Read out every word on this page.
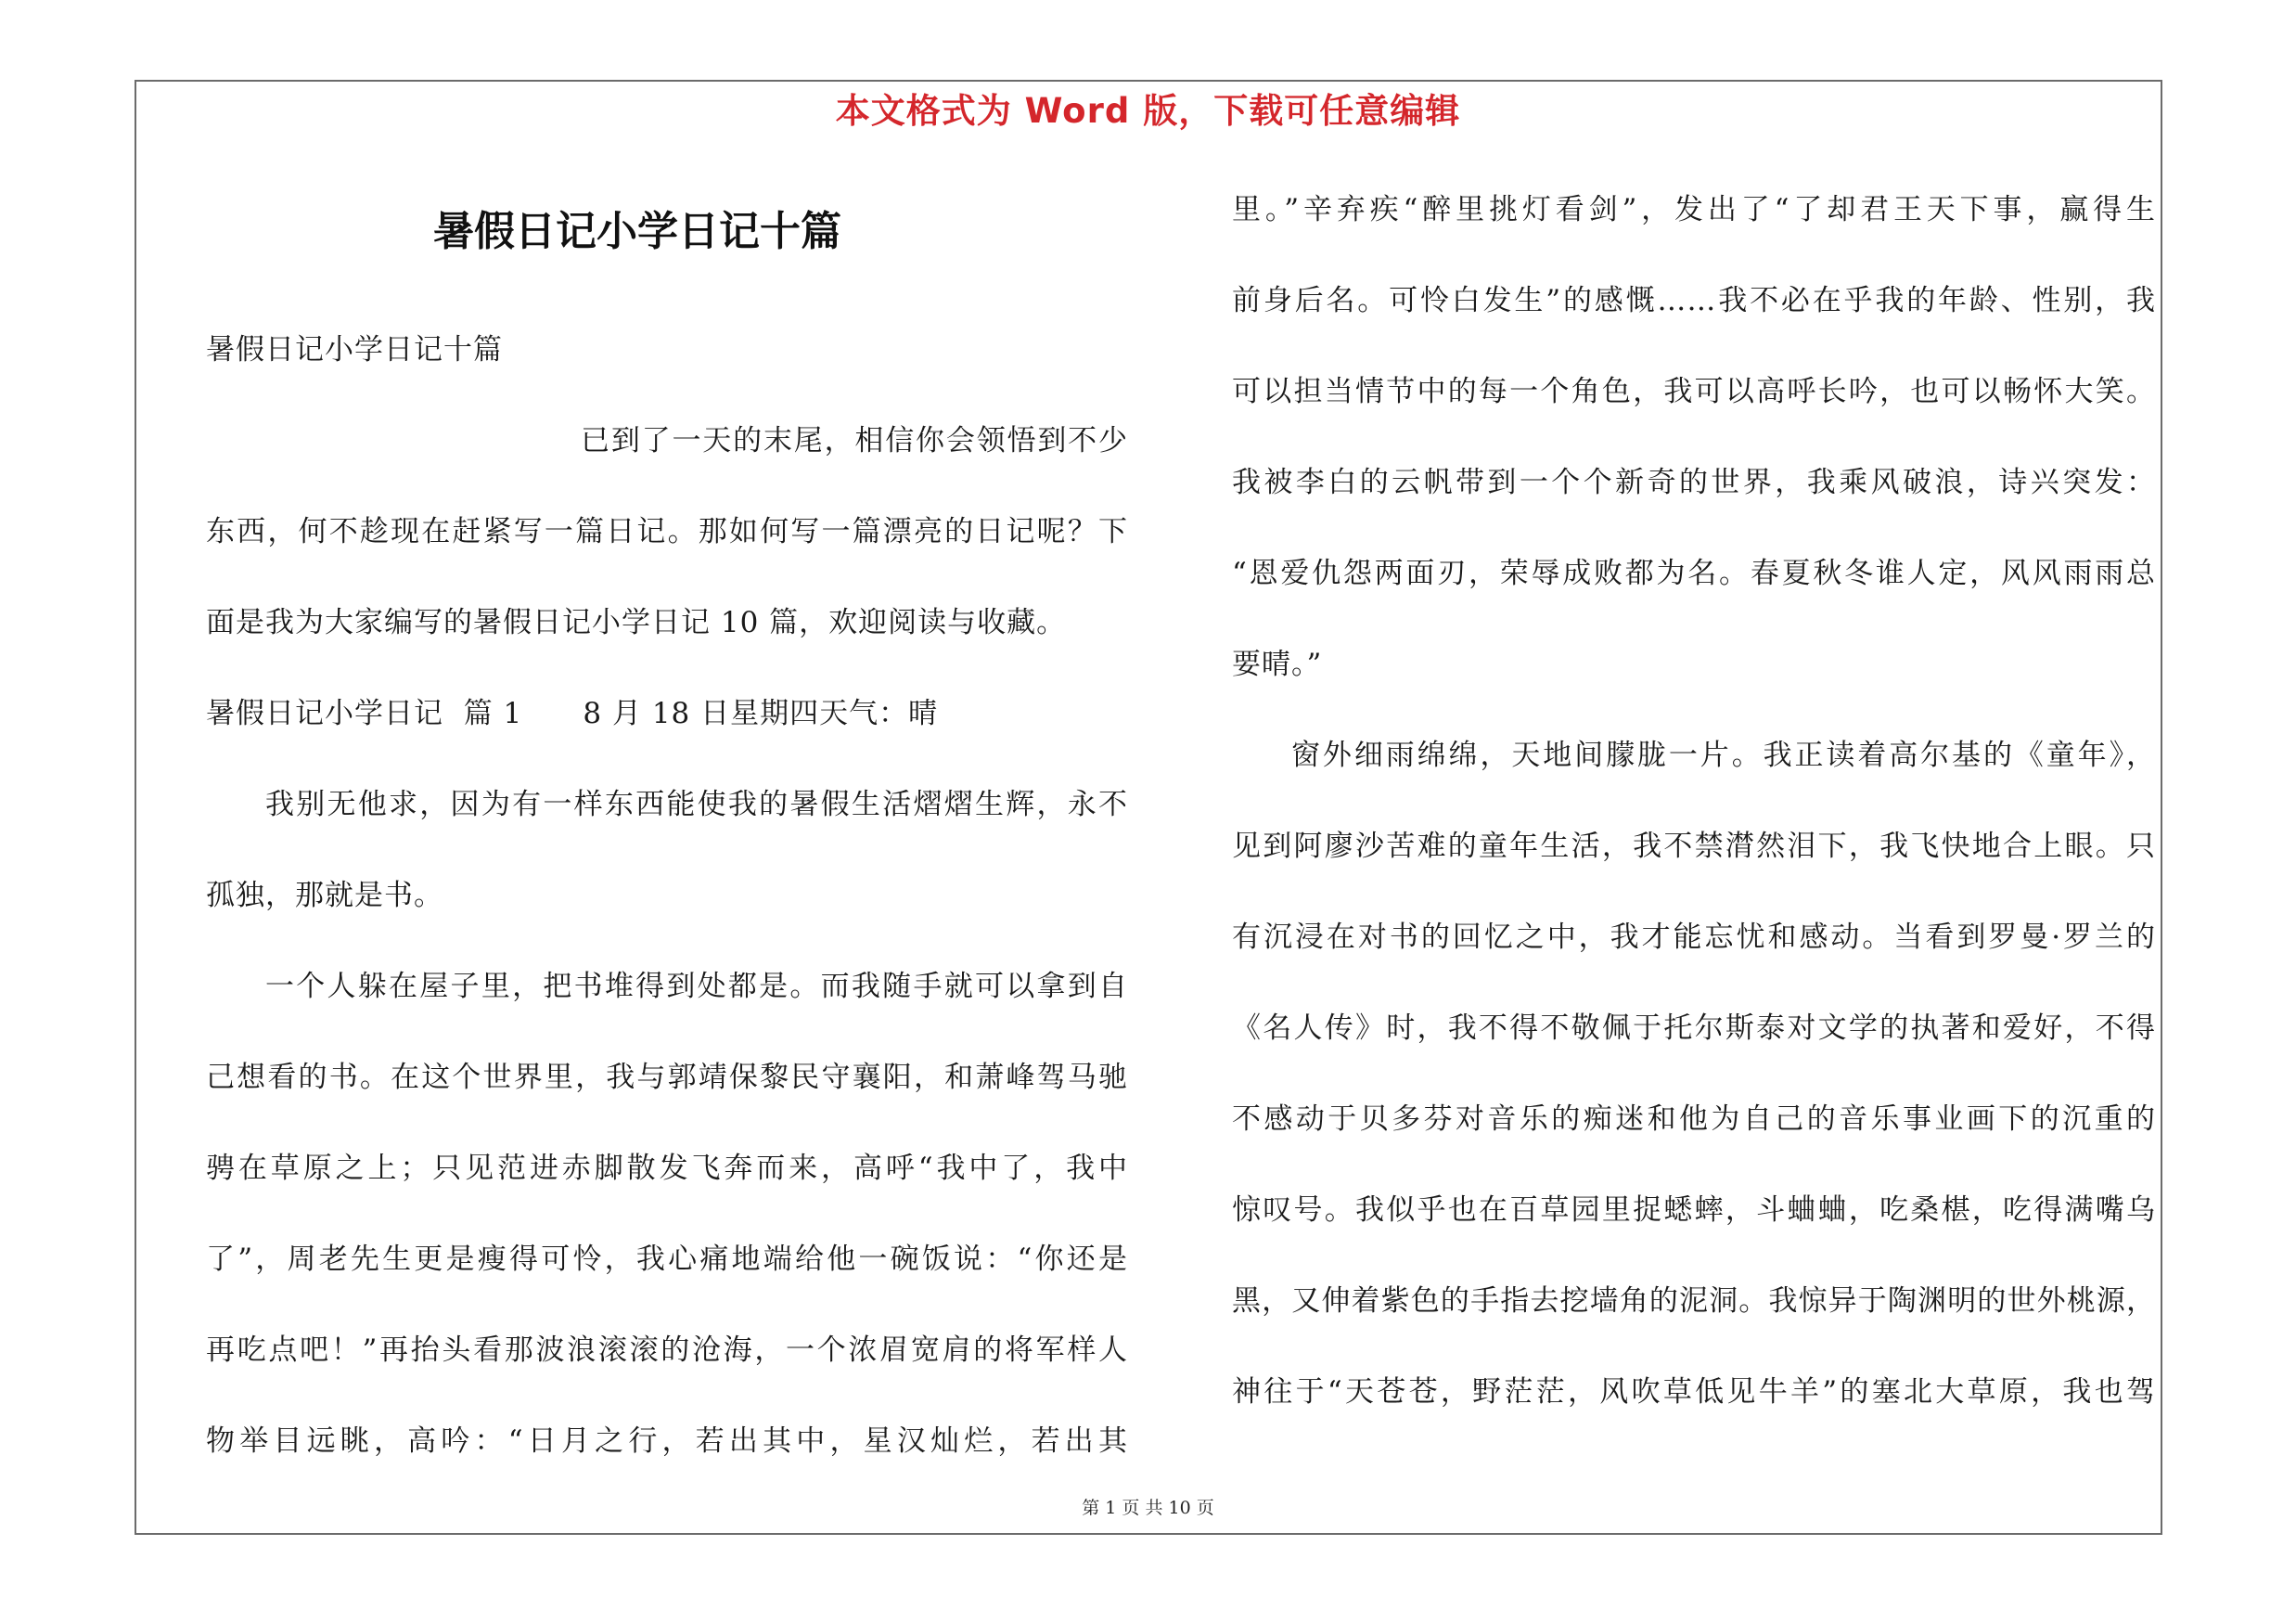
本文格式为 Word 版，下载可任意编辑
暑假日记小学日记十篇
暑假日记小学日记十篇
已到了一天的末尾，相信你会领悟到不少
东西，何不趁现在赶紧写一篇日记。那如何写一篇漂亮的日记呢？下
面是我为大家编写的暑假日记小学日记 10 篇，欢迎阅读与收藏。
暑假日记小学日记  篇 1      8 月 18 日星期四天气：晴
我别无他求，因为有一样东西能使我的暑假生活熠熠生辉，永不
孤独，那就是书。
一个人躲在屋子里，把书堆得到处都是。而我随手就可以拿到自
己想看的书。在这个世界里，我与郭靖保黎民守襄阳，和萧峰驾马驰
骋在草原之上；只见范进赤脚散发飞奔而来，高呼“我中了，我中
了”，周老先生更是瘦得可怜，我心痛地端给他一碗饭说：“你还是
再吃点吧！”再抬头看那波浪滚滚的沧海，一个浓眉宽肩的将军样人
物举目远眺，高吟：“日月之行，若出其中，星汉灿烂，若出其
里。”辛弃疾“醉里挑灯看剑”，发出了“了却君王天下事，赢得生
前身后名。可怜白发生”的感慨……我不必在乎我的年龄、性别，我
可以担当情节中的每一个角色，我可以高呼长吟，也可以畅怀大笑。
我被李白的云帆带到一个个新奇的世界，我乘风破浪，诗兴突发：
“恩爱仇怨两面刃，荣辱成败都为名。春夏秋冬谁人定，风风雨雨总
要晴。”
窗外细雨绵绵，天地间朦胧一片。我正读着高尔基的《童年》，
见到阿廖沙苦难的童年生活，我不禁潸然泪下，我飞快地合上眼。只
有沉浸在对书的回忆之中，我才能忘忧和感动。当看到罗曼·罗兰的
《名人传》时，我不得不敬佩于托尔斯泰对文学的执著和爱好，不得
不感动于贝多芬对音乐的痴迷和他为自己的音乐事业画下的沉重的
惊叹号。我似乎也在百草园里捉蟋蟀，斗蛐蛐，吃桑椹，吃得满嘴乌
黑，又伸着紫色的手指去挖墙角的泥洞。我惊异于陶渊明的世外桃源，
神往于“天苍苍，野茫茫，风吹草低见牛羊”的塞北大草原，我也驾
第 1 页 共 10 页
